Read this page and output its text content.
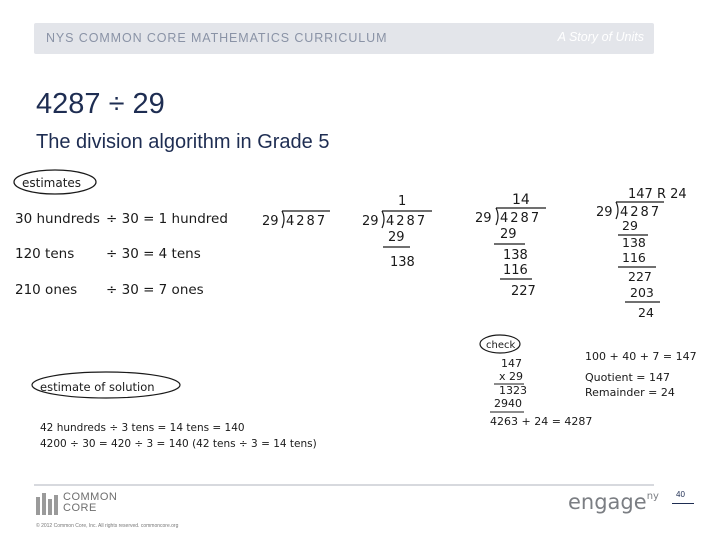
NYS COMMON CORE MATHEMATICS CURRICULUM	A Story of Units
4287 ÷ 29
The division algorithm in Grade 5
estimates
30 hundreds ÷ 30 = 1 hundred
120 tens ÷ 30 = 4 tens
210 ones ÷ 30 = 7 ones
29 4287
1
29 4287
29
138
14
29 4287
29
138
116
227
147 R 24
29 4287
29
138
116
227
203
24
check
147
x 29
1323
2940
4263 + 24 = 4287
100 + 40 + 7 = 147
Quotient = 147
Remainder = 24
estimate of solution
42 hundreds ÷ 3 tens = 14 tens = 140
4200 ÷ 30 = 420 ÷ 3 = 140 (42 tens ÷ 3 = 14 tens)
COMMON
CORE
© 2012 Common Core, Inc. All rights reserved. commoncore.org
engage$^{ny}$ 40
